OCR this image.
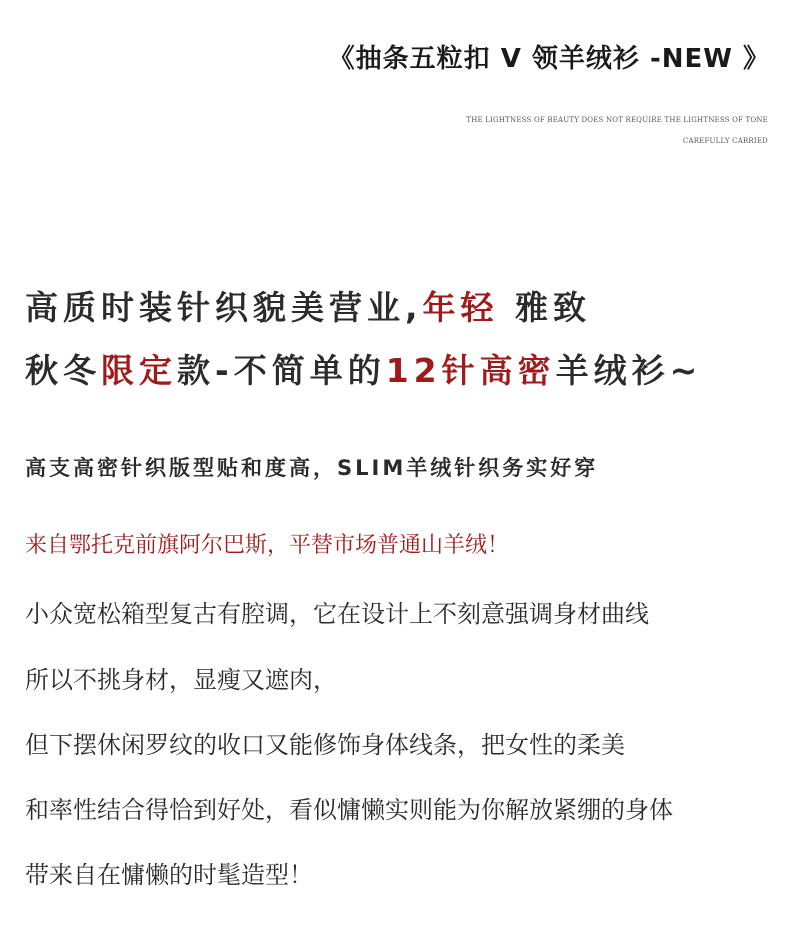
《抽条五粒扣 V 领羊绒衫 -NEW 》
THE LIGHTNESS OF BEAUTY DOES NOT REQUIRE THE LIGHTNESS OF TONE
CAREFULLY CARRIED
高质时装针织貌美营业,年轻 雅致
秋冬限定款-不简单的12针高密羊绒衫~
高支高密针织版型贴和度高，SLIM羊绒针织务实好穿
来自鄂托克前旗阿尔巴斯，平替市场普通山羊绒！
小众宽松箱型复古有腔调，它在设计上不刻意强调身材曲线
所以不挑身材，显瘦又遮肉，
但下摆休闲罗纹的收口又能修饰身体线条，把女性的柔美
和率性结合得恰到好处，看似慵懒实则能为你解放紧绷的身体
带来自在慵懒的时髦造型！
